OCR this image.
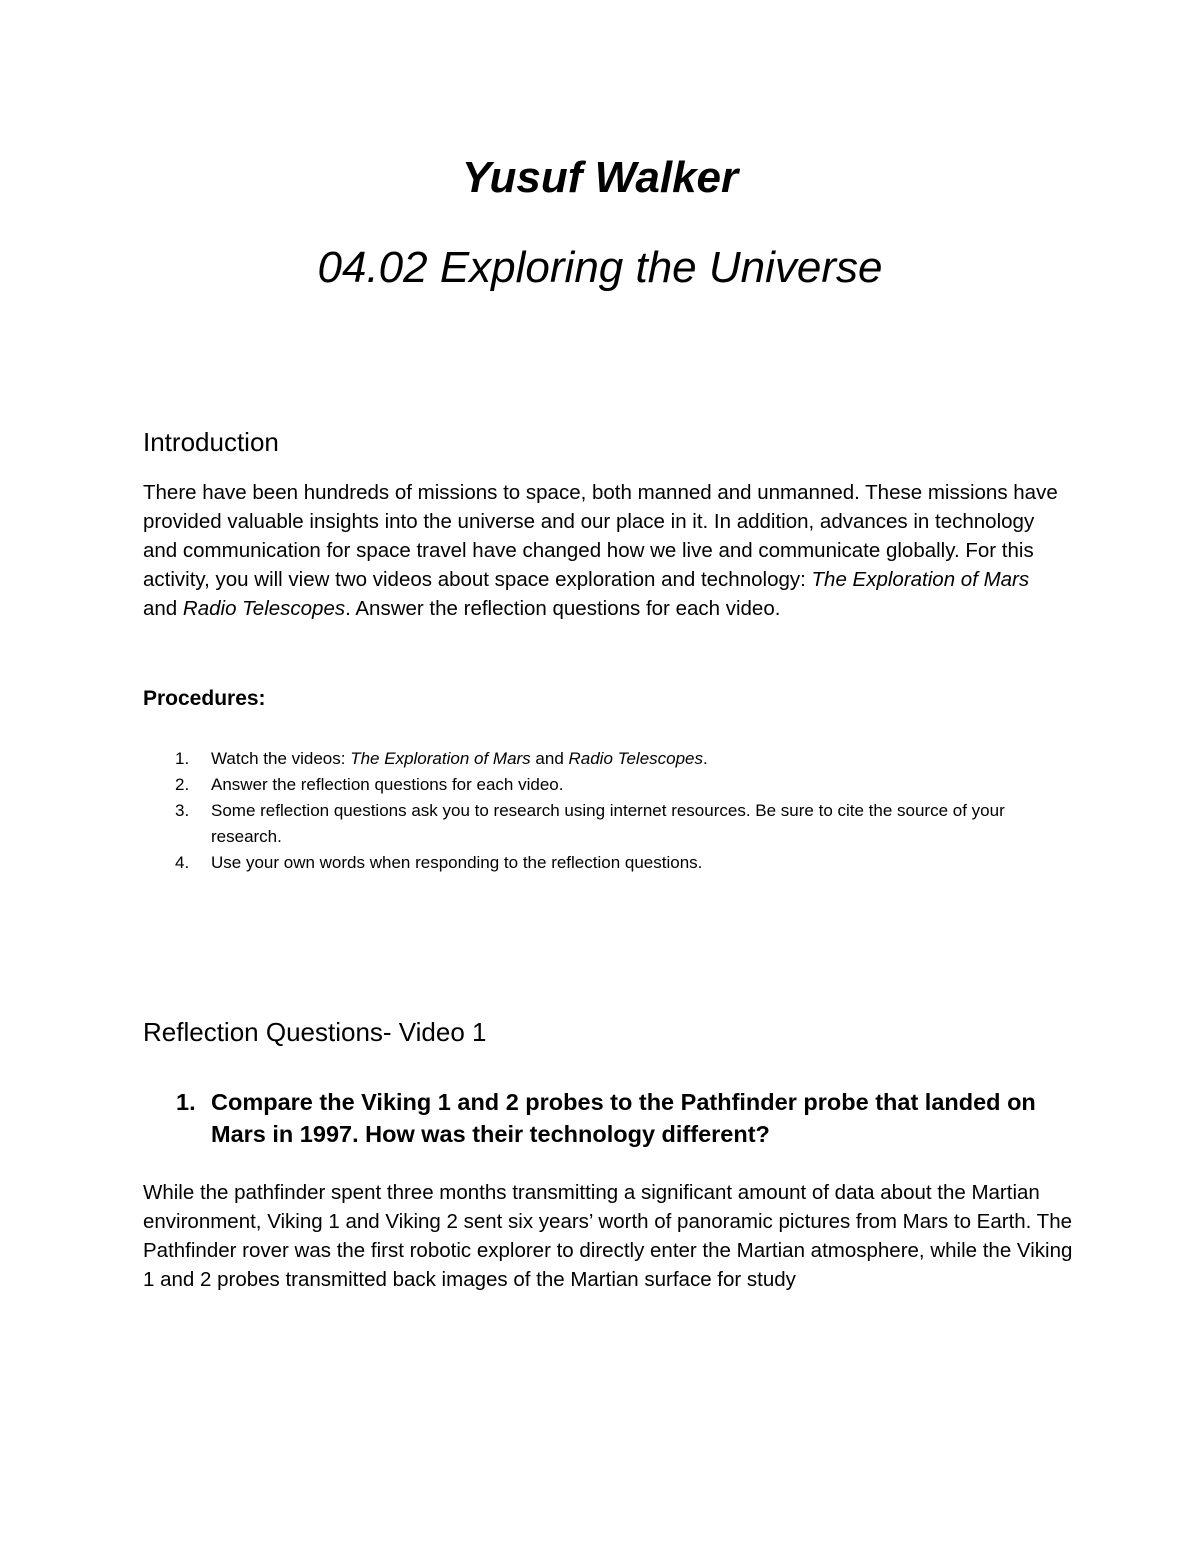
Yusuf Walker
04.02 Exploring the Universe
Introduction
There have been hundreds of missions to space, both manned and unmanned. These missions have provided valuable insights into the universe and our place in it. In addition, advances in technology and communication for space travel have changed how we live and communicate globally. For this activity, you will view two videos about space exploration and technology: The Exploration of Mars and Radio Telescopes. Answer the reflection questions for each video.
Procedures:
1. Watch the videos: The Exploration of Mars and Radio Telescopes.
2. Answer the reflection questions for each video.
3. Some reflection questions ask you to research using internet resources. Be sure to cite the source of your research.
4. Use your own words when responding to the reflection questions.
Reflection Questions- Video 1
1. Compare the Viking 1 and 2 probes to the Pathfinder probe that landed on Mars in 1997. How was their technology different?
While the pathfinder spent three months transmitting a significant amount of data about the Martian environment, Viking 1 and Viking 2 sent six years’ worth of panoramic pictures from Mars to Earth. The Pathfinder rover was the first robotic explorer to directly enter the Martian atmosphere, while the Viking 1 and 2 probes transmitted back images of the Martian surface for study
